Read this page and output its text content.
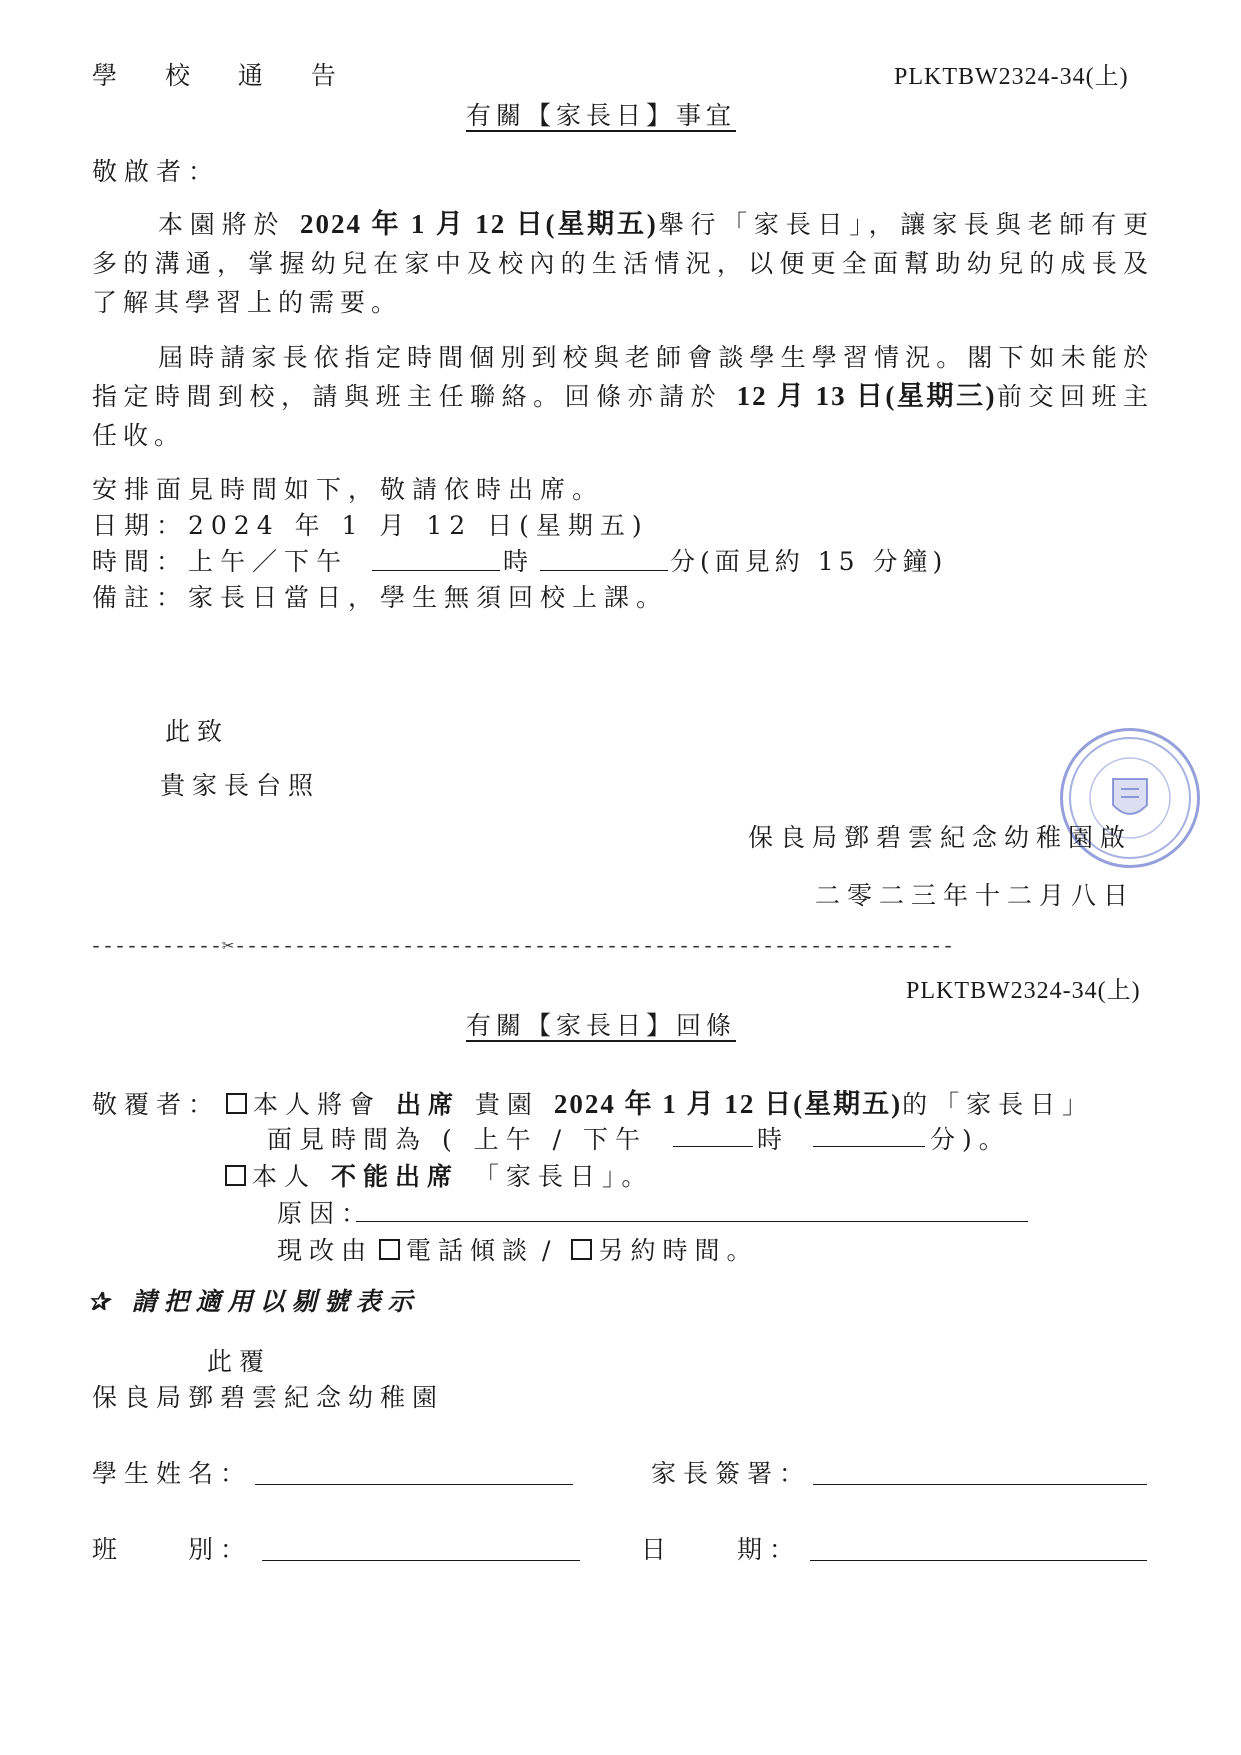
學 校 通 告	PLKTBW2324-34(上)
有關【家長日】事宜
敬啟者：
本園將於 2024 年 1 月 12 日(星期五)舉行「家長日」，讓家長與老師有更多的溝通，掌握幼兒在家中及校內的生活情況，以便更全面幫助幼兒的成長及了解其學習上的需要。
屆時請家長依指定時間個別到校與老師會談學生學習情況。閣下如未能於指定時間到校，請與班主任聯絡。回條亦請於 12 月 13 日(星期三)前交回班主任收。
安排面見時間如下，敬請依時出席。
日期：2024 年 1 月 12 日(星期五)
時間：上午／下午	時	分(面見約 15 分鐘)
備註：家長日當日，學生無須回校上課。
此致
貴家長台照
保良局鄧碧雲紀念幼稚園啟
二零二三年十二月八日
-----------✂------------------------------------------------------------
PLKTBW2324-34(上)
有關【家長日】回條
敬覆者： 本人將會 出席 貴園 2024 年 1 月 12 日(星期五)的「家長日」
面見時間為 ( 上午 / 下午	時	分)。
本人 不能出席 「家長日」。
原因：
現改由 電話傾談 / 另約時間。
✰ 請把適用以剔號表示
此覆
保良局鄧碧雲紀念幼稚園
學生姓名：	家長簽署：
班　　別：	日　　期：
